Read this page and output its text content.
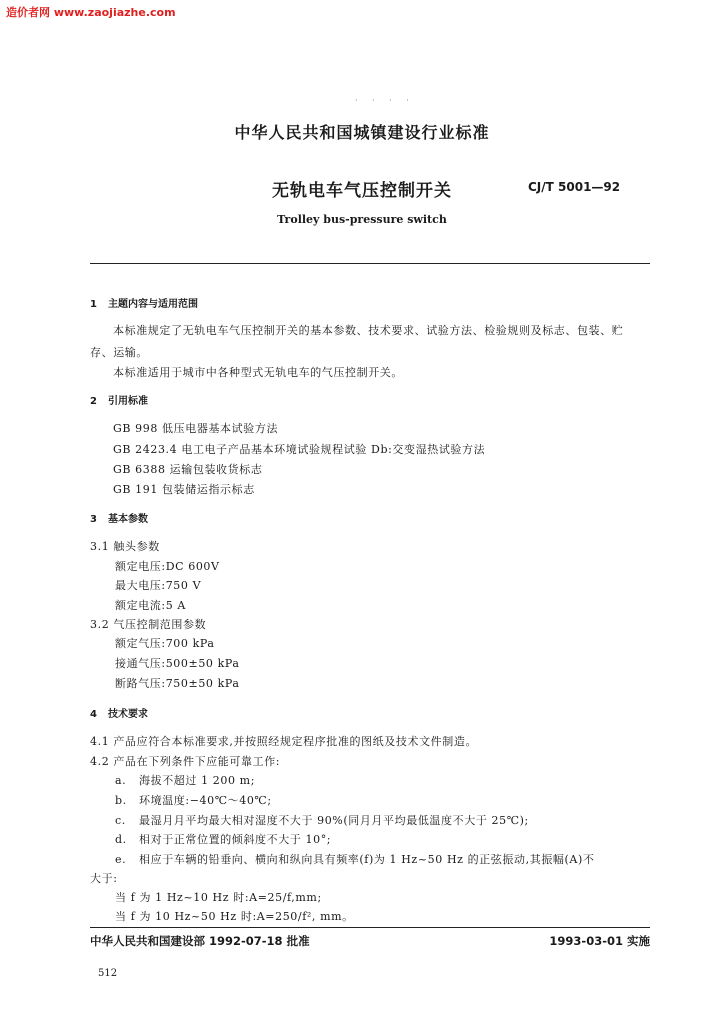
造价者网 www.zaojiazhe.com
· · · ·
中华人民共和国城镇建设行业标准
无轨电车气压控制开关	CJ/T 5001—92
Trolley bus-pressure switch
1 主题内容与适用范围
本标准规定了无轨电车气压控制开关的基本参数、技术要求、试验方法、检验规则及标志、包装、贮
存、运输。
本标准适用于城市中各种型式无轨电车的气压控制开关。
2 引用标准
GB 998 低压电器基本试验方法
GB 2423.4 电工电子产品基本环境试验规程试验 Db:交变湿热试验方法
GB 6388 运输包装收货标志
GB 191 包装储运指示标志
3 基本参数
3.1 触头参数
额定电压:DC 600V
最大电压:750 V
额定电流:5 A
3.2 气压控制范围参数
额定气压:700 kPa
接通气压:500±50 kPa
断路气压:750±50 kPa
4 技术要求
4.1 产品应符合本标准要求,并按照经规定程序批准的图纸及技术文件制造。
4.2 产品在下列条件下应能可靠工作:
a. 海拔不超过 1 200 m;
b. 环境温度:−40℃～40℃;
c. 最湿月月平均最大相对湿度不大于 90%(同月月平均最低温度不大于 25℃);
d. 相对于正常位置的倾斜度不大于 10°;
e. 相应于车辆的铅垂向、横向和纵向具有频率(f)为 1 Hz~50 Hz 的正弦振动,其振幅(A)不
大于:
当 f 为 1 Hz~10 Hz 时:A=25/f,mm;
当 f 为 10 Hz~50 Hz 时:A=250/f², mm。
中华人民共和国建设部 1992-07-18 批准	1993-03-01 实施
512
